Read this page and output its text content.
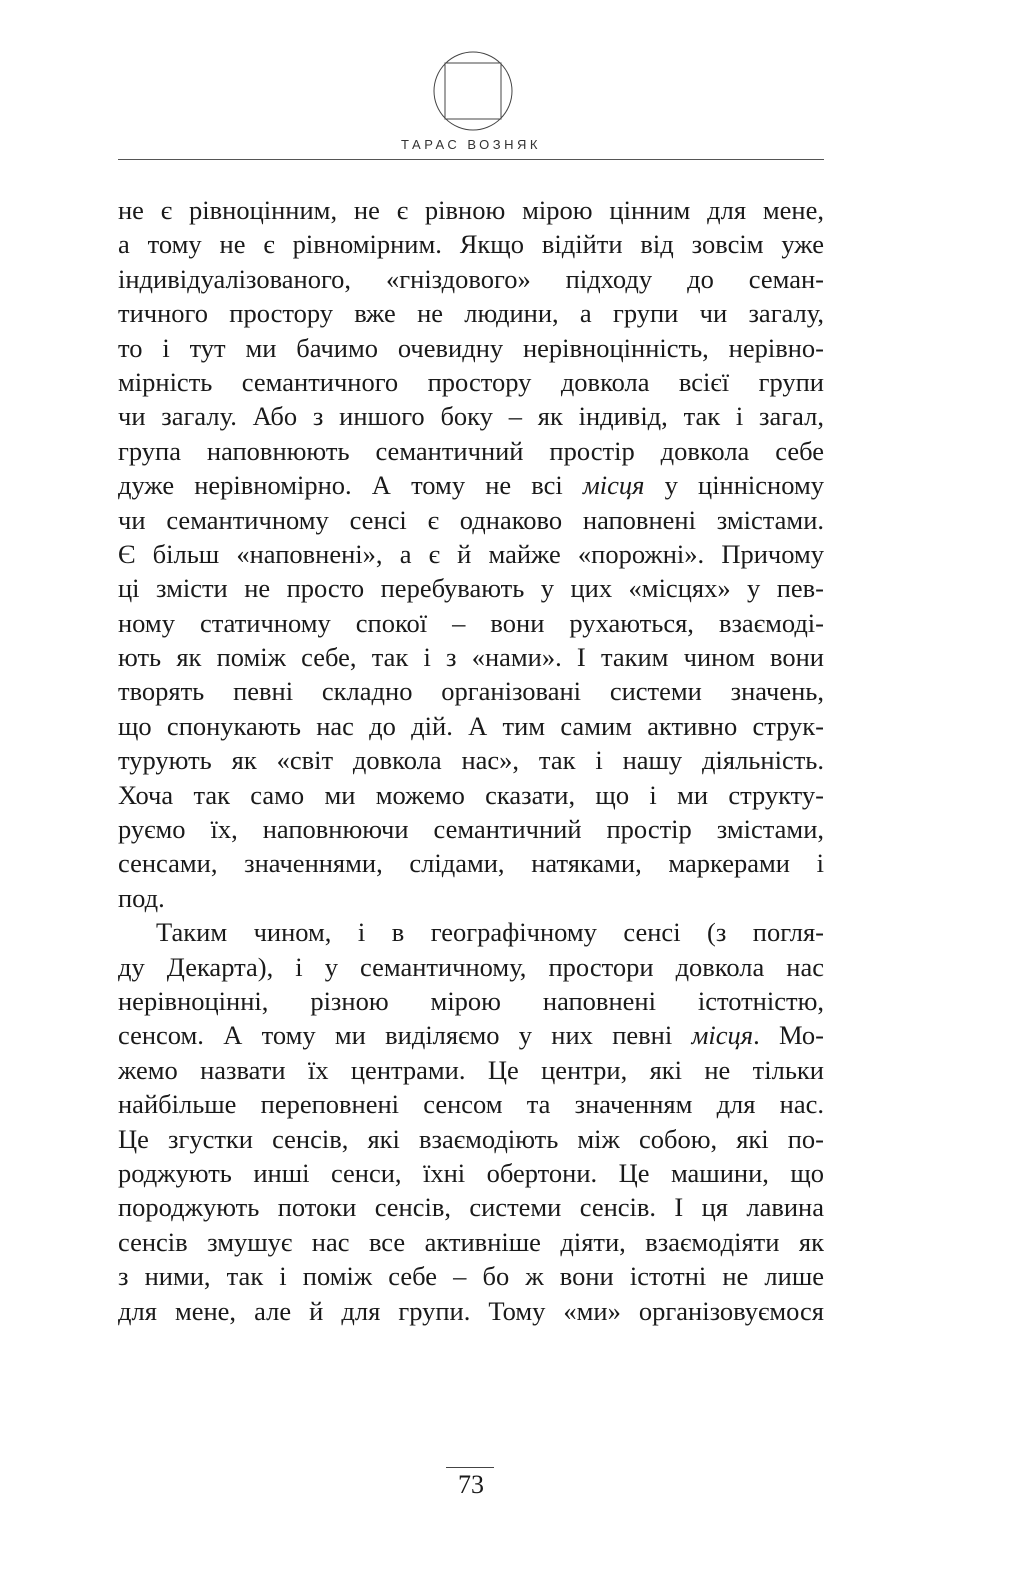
ТАРАС ВОЗНЯК
не є рівноцінним, не є рівною мірою цінним для мене,
а тому не є рівномірним. Якщо відійти від зовсім уже
індивідуалізованого, «гніздового» підходу до семан-
тичного простору вже не людини, а групи чи загалу,
то і тут ми бачимо очевидну нерівноцінність, нерівно-
мірність семантичного простору довкола всієї групи
чи загалу. Або з иншого боку – як індивід, так і загал,
група наповнюють семантичний простір довкола себе
дуже нерівномірно. А тому не всі місця у ціннісному
чи семантичному сенсі є однаково наповнені змістами.
Є більш «наповнені», а є й майже «порожні». Причому
ці змісти не просто перебувають у цих «місцях» у пев-
ному статичному спокої – вони рухаються, взаємоді-
ють як поміж себе, так і з «нами». І таким чином вони
творять певні складно організовані системи значень,
що спонукають нас до дій. А тим самим активно струк-
турують як «світ довкола нас», так і нашу діяльність.
Хоча так само ми можемо сказати, що і ми структу-
руємо їх, наповнюючи семантичний простір змістами,
сенсами, значеннями, слідами, натяками, маркерами і
под.
Таким чином, і в географічному сенсі (з погля-
ду Декарта), і у семантичному, простори довкола нас
нерівноцінні, різною мірою наповнені істотністю,
сенсом. А тому ми виділяємо у них певні місця. Мо-
жемо назвати їх центрами. Це центри, які не тільки
найбільше переповнені сенсом та значенням для нас.
Це згустки сенсів, які взаємодіють між собою, які по-
роджують инші сенси, їхні обертони. Це машини, що
породжують потоки сенсів, системи сенсів. І ця лавина
сенсів змушує нас все активніше діяти, взаємодіяти як
з ними, так і поміж себе – бо ж вони істотні не лише
для мене, але й для групи. Тому «ми» організовуємося
73
